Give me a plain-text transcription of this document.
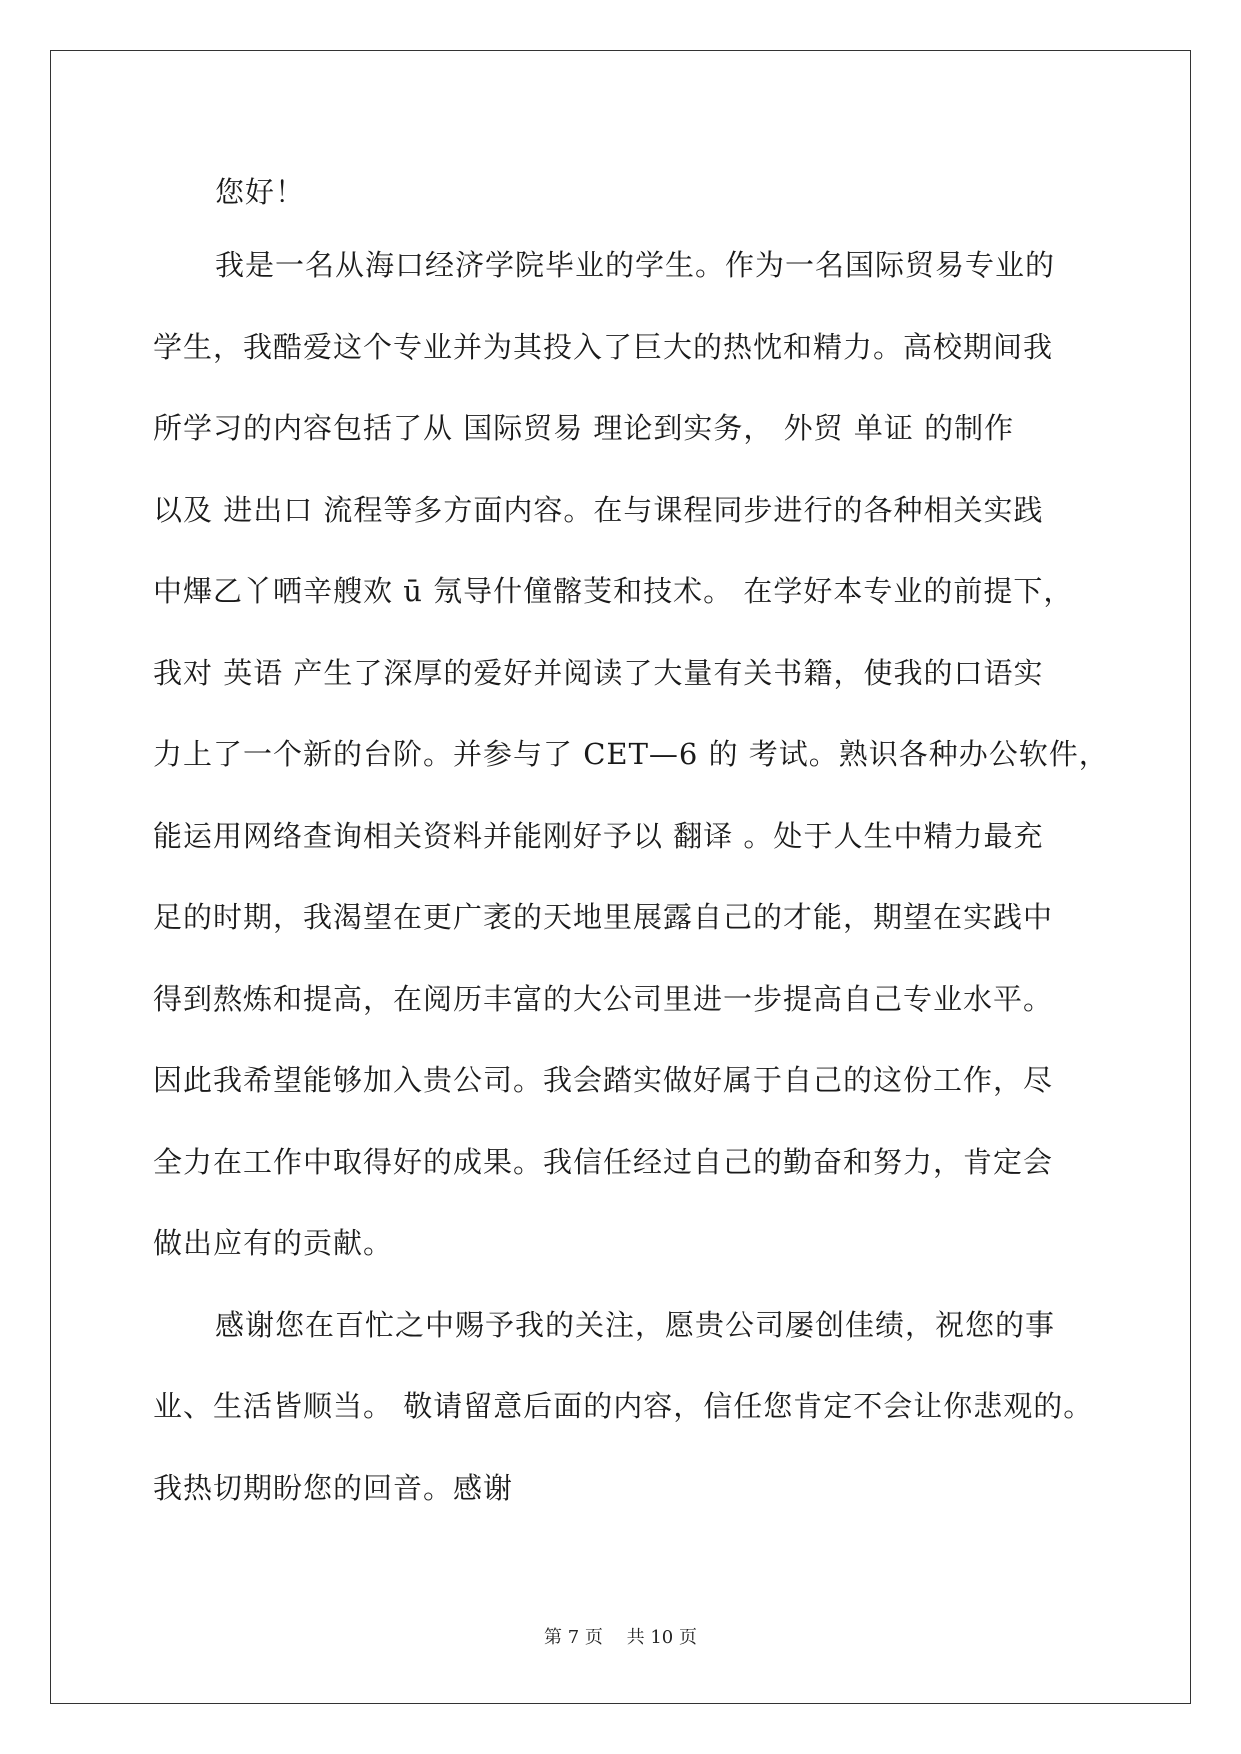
您好！
我是一名从海口经济学院毕业的学生。作为一名国际贸易专业的
学生，我酷爱这个专业并为其投入了巨大的热忱和精力。高校期间我
所学习的内容包括了从 国际贸易 理论到实务， 外贸 单证 的制作
以及 进出口 流程等多方面内容。在与课程同步进行的各种相关实践
中熚乙丫哂辛艘欢 ū 氖导什僮髂芰和技术。 在学好本专业的前提下，
我对 英语 产生了深厚的爱好并阅读了大量有关书籍，使我的口语实
力上了一个新的台阶。并参与了 CET—6 的 考试。熟识各种办公软件，
能运用网络查询相关资料并能刚好予以 翻译 。处于人生中精力最充
足的时期，我渴望在更广袤的天地里展露自己的才能，期望在实践中
得到熬炼和提高，在阅历丰富的大公司里进一步提高自己专业水平。
因此我希望能够加入贵公司。我会踏实做好属于自己的这份工作，尽
全力在工作中取得好的成果。我信任经过自己的勤奋和努力，肯定会
做出应有的贡献。
感谢您在百忙之中赐予我的关注，愿贵公司屡创佳绩，祝您的事
业、生活皆顺当。 敬请留意后面的内容，信任您肯定不会让你悲观的。
我热切期盼您的回音。感谢
第 7 页　 共 10 页
